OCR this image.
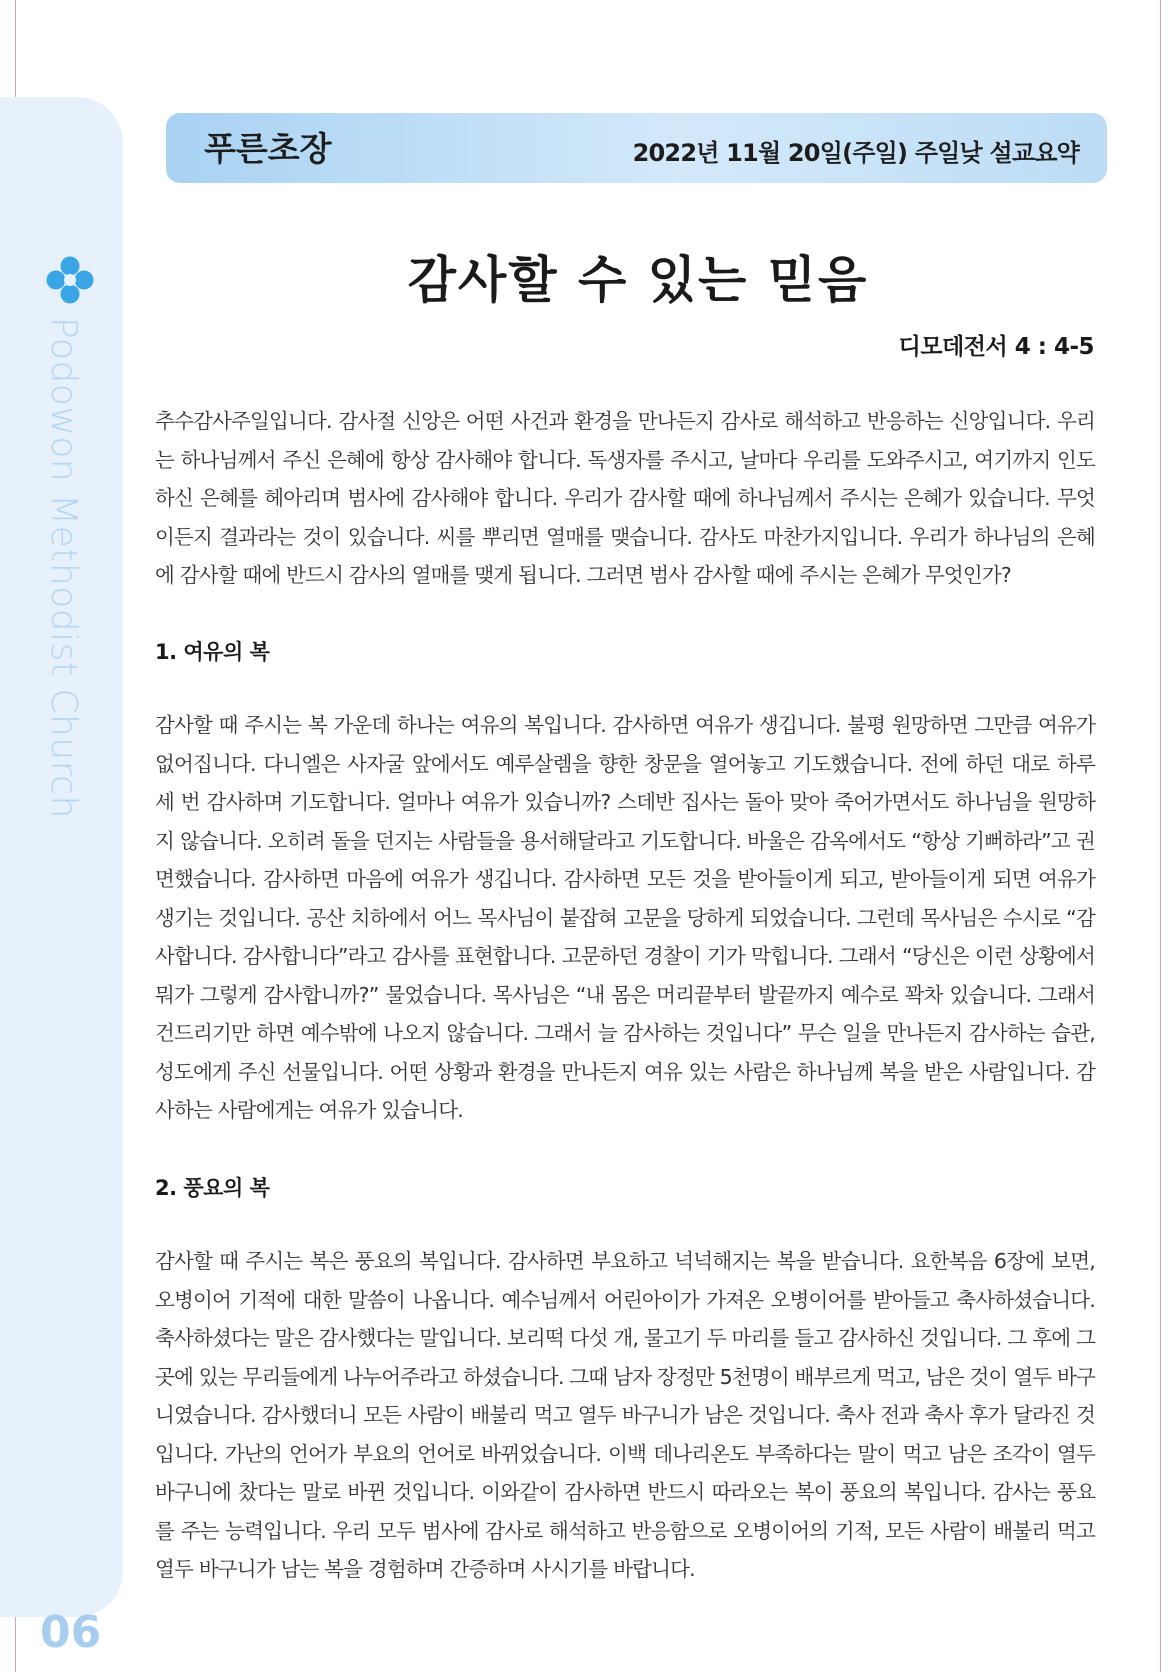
Podowon Methodist Church
06
푸른초장	2022년 11월 20일(주일) 주일낮 설교요약
감사할 수 있는 믿음
디모데전서 4 : 4-5

추수감사주일입니다. 감사절 신앙은 어떤 사건과 환경을 만나든지 감사로 해석하고 반응하는 신앙입니다. 우리는 하나님께서 주신 은혜에 항상 감사해야 합니다. 독생자를 주시고, 날마다 우리를 도와주시고, 여기까지 인도하신 은혜를 헤아리며 범사에 감사해야 합니다. 우리가 감사할 때에 하나님께서 주시는 은혜가 있습니다. 무엇이든지 결과라는 것이 있습니다. 씨를 뿌리면 열매를 맺습니다. 감사도 마찬가지입니다. 우리가 하나님의 은혜에 감사할 때에 반드시 감사의 열매를 맺게 됩니다. 그러면 범사 감사할 때에 주시는 은혜가 무엇인가?

1. 여유의 복

감사할 때 주시는 복 가운데 하나는 여유의 복입니다. 감사하면 여유가 생깁니다. 불평 원망하면 그만큼 여유가 없어집니다. 다니엘은 사자굴 앞에서도 예루살렘을 향한 창문을 열어놓고 기도했습니다. 전에 하던 대로 하루 세 번 감사하며 기도합니다. 얼마나 여유가 있습니까? 스데반 집사는 돌아 맞아 죽어가면서도 하나님을 원망하지 않습니다. 오히려 돌을 던지는 사람들을 용서해달라고 기도합니다. 바울은 감옥에서도 “항상 기뻐하라”고 권면했습니다. 감사하면 마음에 여유가 생깁니다. 감사하면 모든 것을 받아들이게 되고, 받아들이게 되면 여유가 생기는 것입니다. 공산 치하에서 어느 목사님이 붙잡혀 고문을 당하게 되었습니다. 그런데 목사님은 수시로 “감사합니다. 감사합니다”라고 감사를 표현합니다. 고문하던 경찰이 기가 막힙니다. 그래서 “당신은 이런 상황에서 뭐가 그렇게 감사합니까?” 물었습니다. 목사님은 “내 몸은 머리끝부터 발끝까지 예수로 꽉차 있습니다. 그래서 건드리기만 하면 예수밖에 나오지 않습니다. 그래서 늘 감사하는 것입니다” 무슨 일을 만나든지 감사하는 습관, 성도에게 주신 선물입니다. 어떤 상황과 환경을 만나든지 여유 있는 사람은 하나님께 복을 받은 사람입니다. 감사하는 사람에게는 여유가 있습니다.

2. 풍요의 복

감사할 때 주시는 복은 풍요의 복입니다. 감사하면 부요하고 넉넉해지는 복을 받습니다. 요한복음 6장에 보면, 오병이어 기적에 대한 말씀이 나옵니다. 예수님께서 어린아이가 가져온 오병이어를 받아들고 축사하셨습니다. 축사하셨다는 말은 감사했다는 말입니다. 보리떡 다섯 개, 물고기 두 마리를 들고 감사하신 것입니다. 그 후에 그곳에 있는 무리들에게 나누어주라고 하셨습니다. 그때 남자 장정만 5천명이 배부르게 먹고, 남은 것이 열두 바구니였습니다. 감사했더니 모든 사람이 배불리 먹고 열두 바구니가 남은 것입니다. 축사 전과 축사 후가 달라진 것입니다. 가난의 언어가 부요의 언어로 바뀌었습니다. 이백 데나리온도 부족하다는 말이 먹고 남은 조각이 열두 바구니에 찼다는 말로 바뀐 것입니다. 이와같이 감사하면 반드시 따라오는 복이 풍요의 복입니다. 감사는 풍요를 주는 능력입니다. 우리 모두 범사에 감사로 해석하고 반응함으로 오병이어의 기적, 모든 사람이 배불리 먹고 열두 바구니가 남는 복을 경험하며 간증하며 사시기를 바랍니다.
